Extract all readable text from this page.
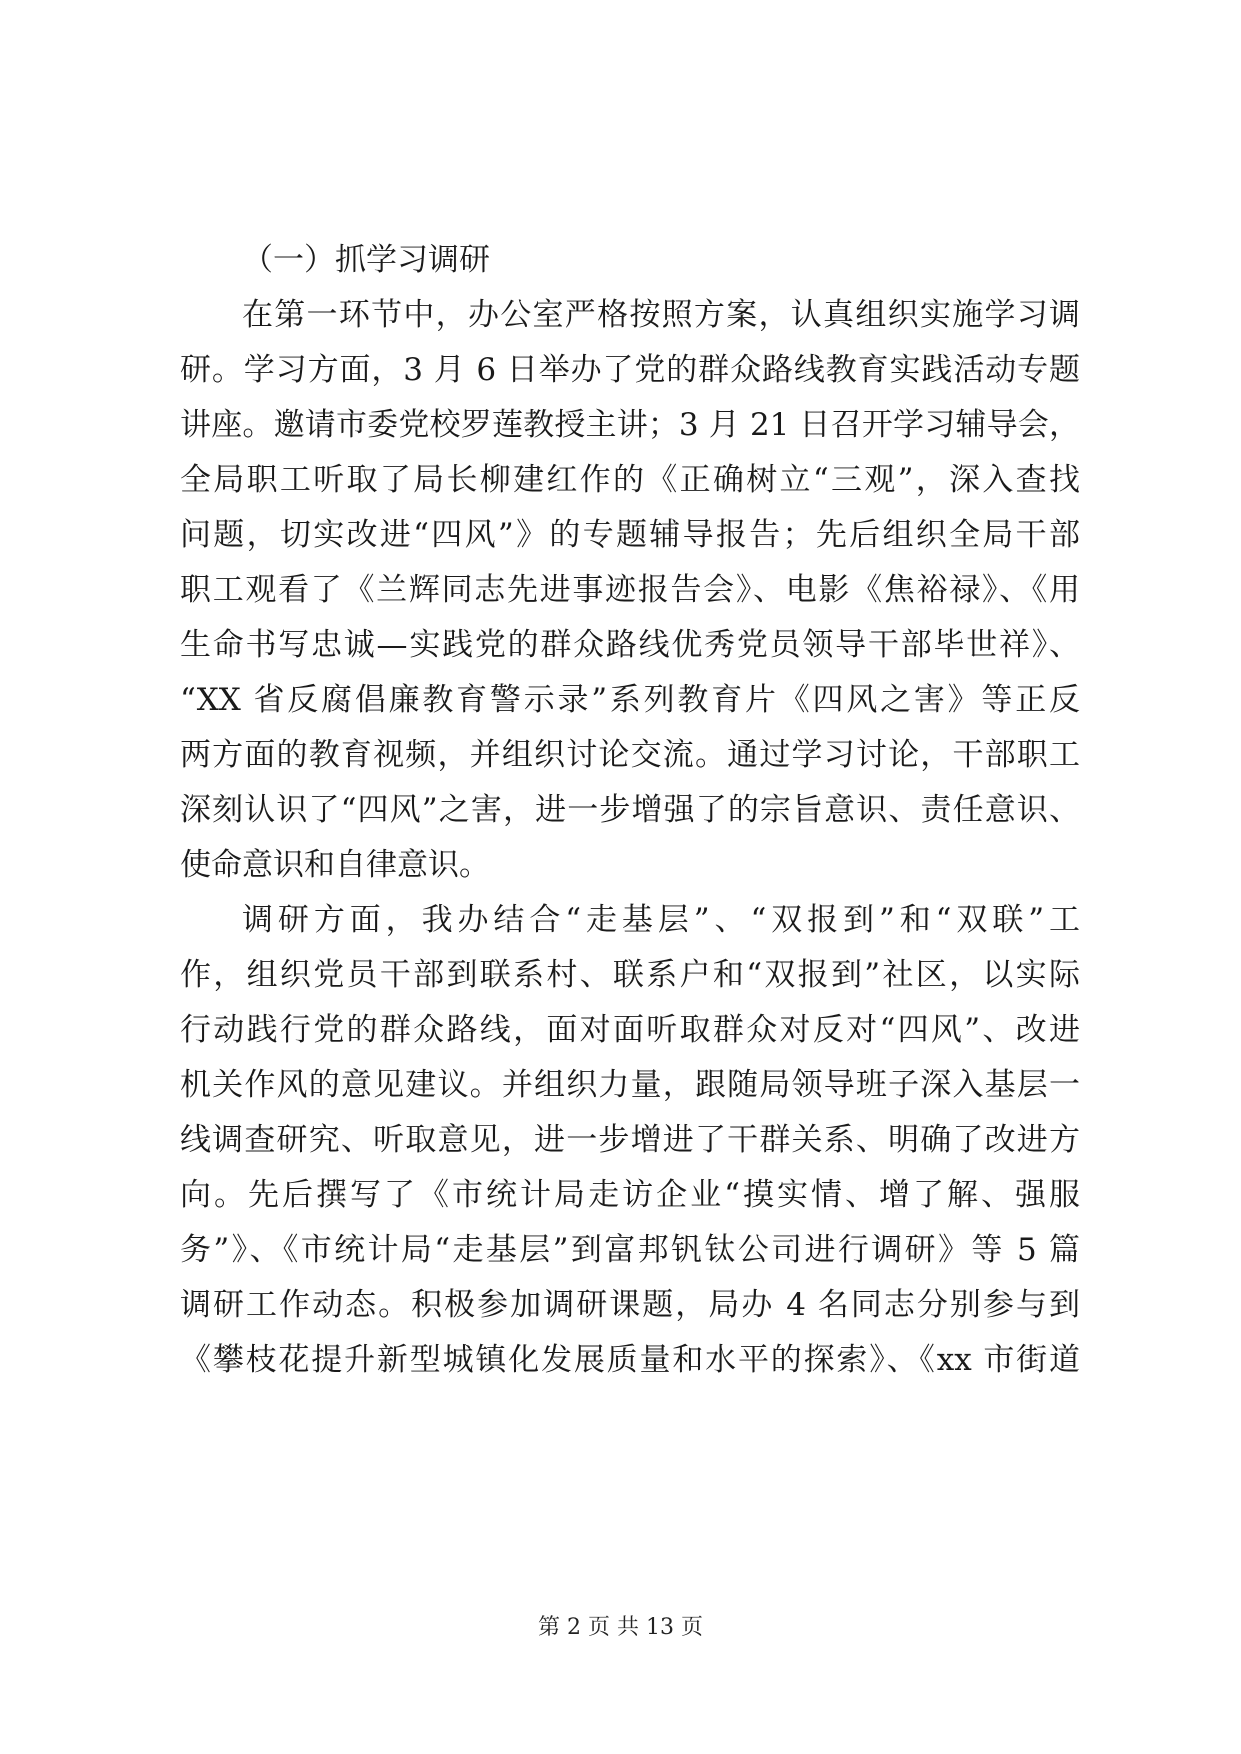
（一）抓学习调研
在第一环节中，办公室严格按照方案，认真组织实施学习调
研。学习方面，3 月 6 日举办了党的群众路线教育实践活动专题
讲座。邀请市委党校罗莲教授主讲；3 月 21 日召开学习辅导会，
全局职工听取了局长柳建红作的《正确树立“三观”，深入查找
问题，切实改进“四风”》的专题辅导报告；先后组织全局干部
职工观看了《兰辉同志先进事迹报告会》、电影《焦裕禄》、《用
生命书写忠诚—实践党的群众路线优秀党员领导干部毕世祥》、
“XX 省反腐倡廉教育警示录”系列教育片《四风之害》等正反
两方面的教育视频，并组织讨论交流。通过学习讨论，干部职工
深刻认识了“四风”之害，进一步增强了的宗旨意识、责任意识、
使命意识和自律意识。
调研方面，我办结合“走基层”、“双报到”和“双联”工
作，组织党员干部到联系村、联系户和“双报到”社区，以实际
行动践行党的群众路线，面对面听取群众对反对“四风”、改进
机关作风的意见建议。并组织力量，跟随局领导班子深入基层一
线调查研究、听取意见，进一步增进了干群关系、明确了改进方
向。先后撰写了《市统计局走访企业“摸实情、增了解、强服
务”》、《市统计局“走基层”到富邦钒钛公司进行调研》等 5 篇
调研工作动态。积极参加调研课题，局办 4 名同志分别参与到
《攀枝花提升新型城镇化发展质量和水平的探索》、《xx 市街道
第 2 页 共 13 页
